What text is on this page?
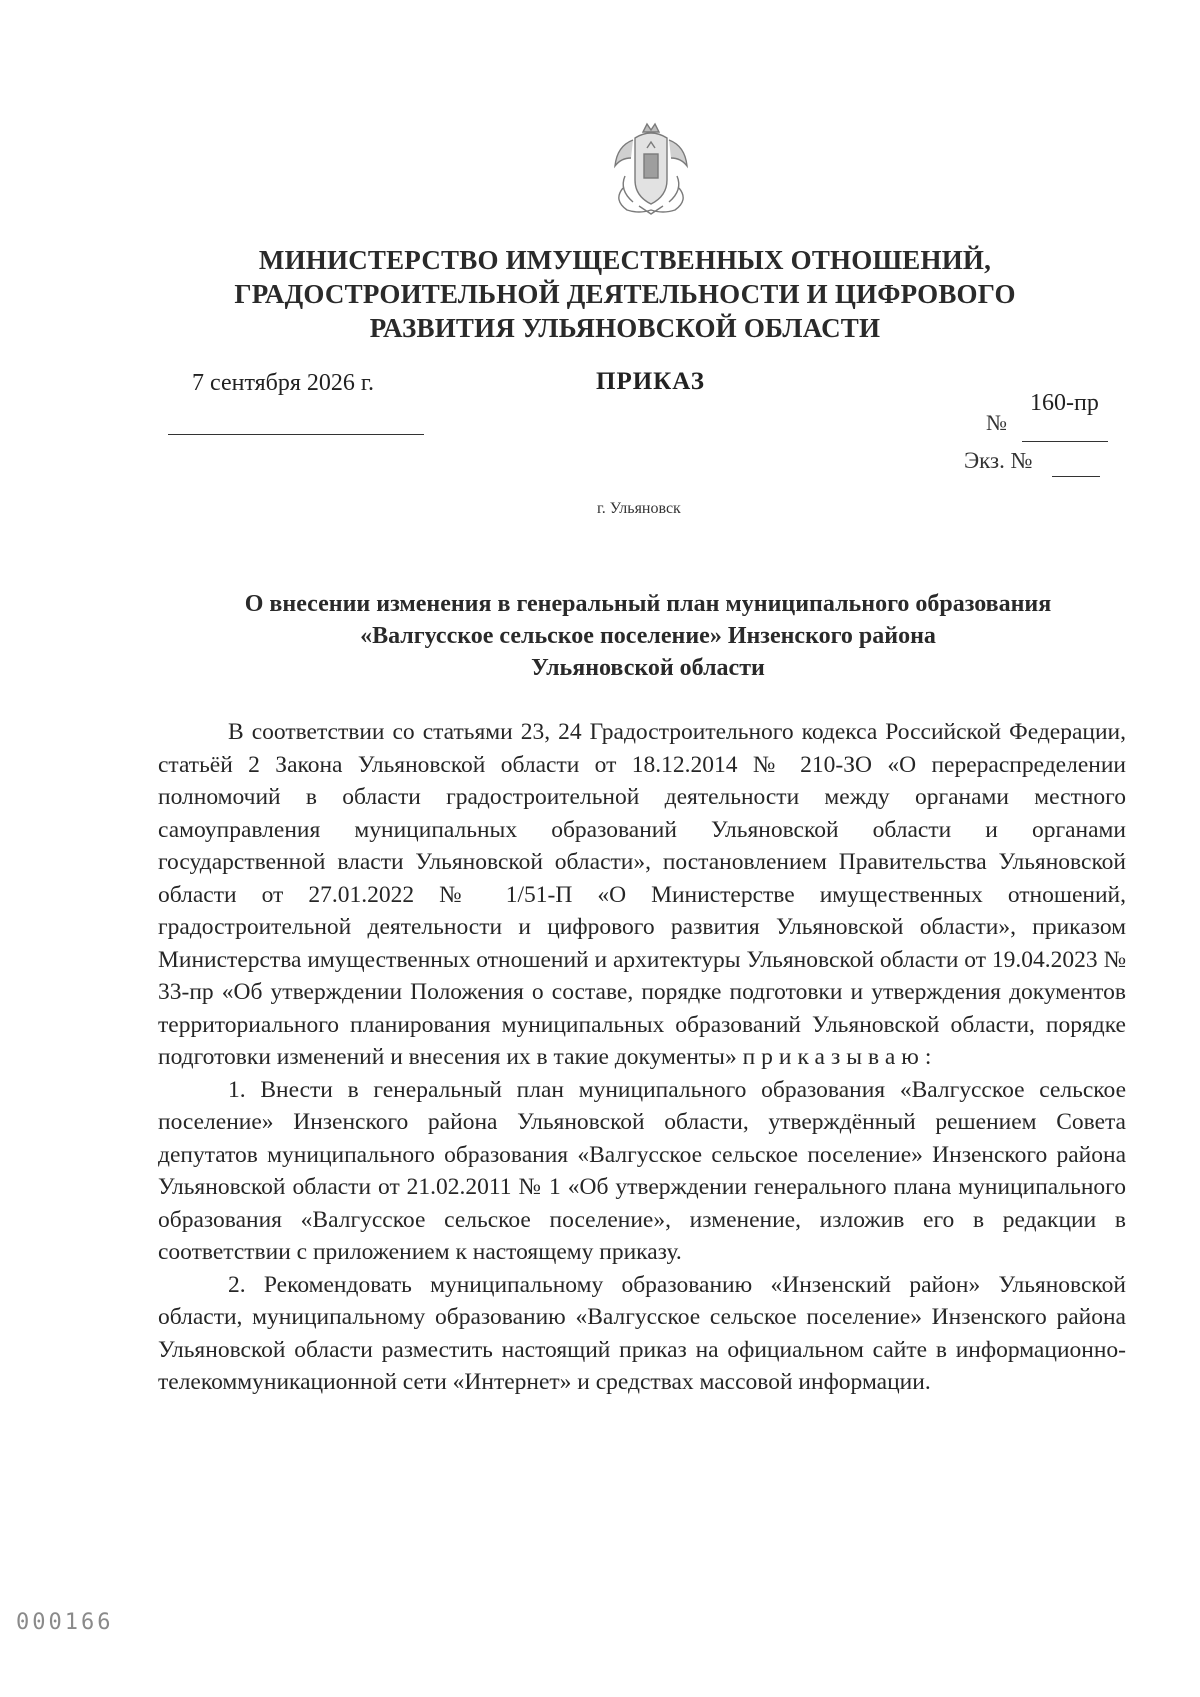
МИНИСТЕРСТВО ИМУЩЕСТВЕННЫХ ОТНОШЕНИЙ,
ГРАДОСТРОИТЕЛЬНОЙ ДЕЯТЕЛЬНОСТИ И ЦИФРОВОГО
РАЗВИТИЯ УЛЬЯНОВСКОЙ ОБЛАСТИ
7 сентября 2026 г.	ПРИКАЗ
160-пр
№
Экз. №
г. Ульяновск
О внесении изменения в генеральный план муниципального образования
«Валгусское сельское поселение» Инзенского района
Ульяновской области

В соответствии со статьями 23, 24 Градостроительного кодекса Российской Федерации, статьёй 2 Закона Ульяновской области от 18.12.2014 № 210-ЗО «О перераспределении полномочий в области градостроительной деятельности между органами местного самоуправления муниципальных образований Ульяновской области и органами государственной власти Ульяновской области», постановлением Правительства Ульяновской области от 27.01.2022 № 1/51-П «О Министерстве имущественных отношений, градостроительной деятельности и цифрового развития Ульяновской области», приказом Министерства имущественных отношений и архитектуры Ульяновской области от 19.04.2023 № 33-пр «Об утверждении Положения о составе, порядке подготовки и утверждения документов территориального планирования муниципальных образований Ульяновской области, порядке подготовки изменений и внесения их в такие документы» приказываю:

1. Внести в генеральный план муниципального образования «Валгусское сельское поселение» Инзенского района Ульяновской области, утверждённый решением Совета депутатов муниципального образования «Валгусское сельское поселение» Инзенского района Ульяновской области от 21.02.2011 № 1 «Об утверждении генерального плана муниципального образования «Валгусское сельское поселение», изменение, изложив его в редакции в соответствии с приложением к настоящему приказу.

2. Рекомендовать муниципальному образованию «Инзенский район» Ульяновской области, муниципальному образованию «Валгусское сельское поселение» Инзенского района Ульяновской области разместить настоящий приказ на официальном сайте в информационно-телекоммуникационной сети «Интернет» и средствах массовой информации.

000166
